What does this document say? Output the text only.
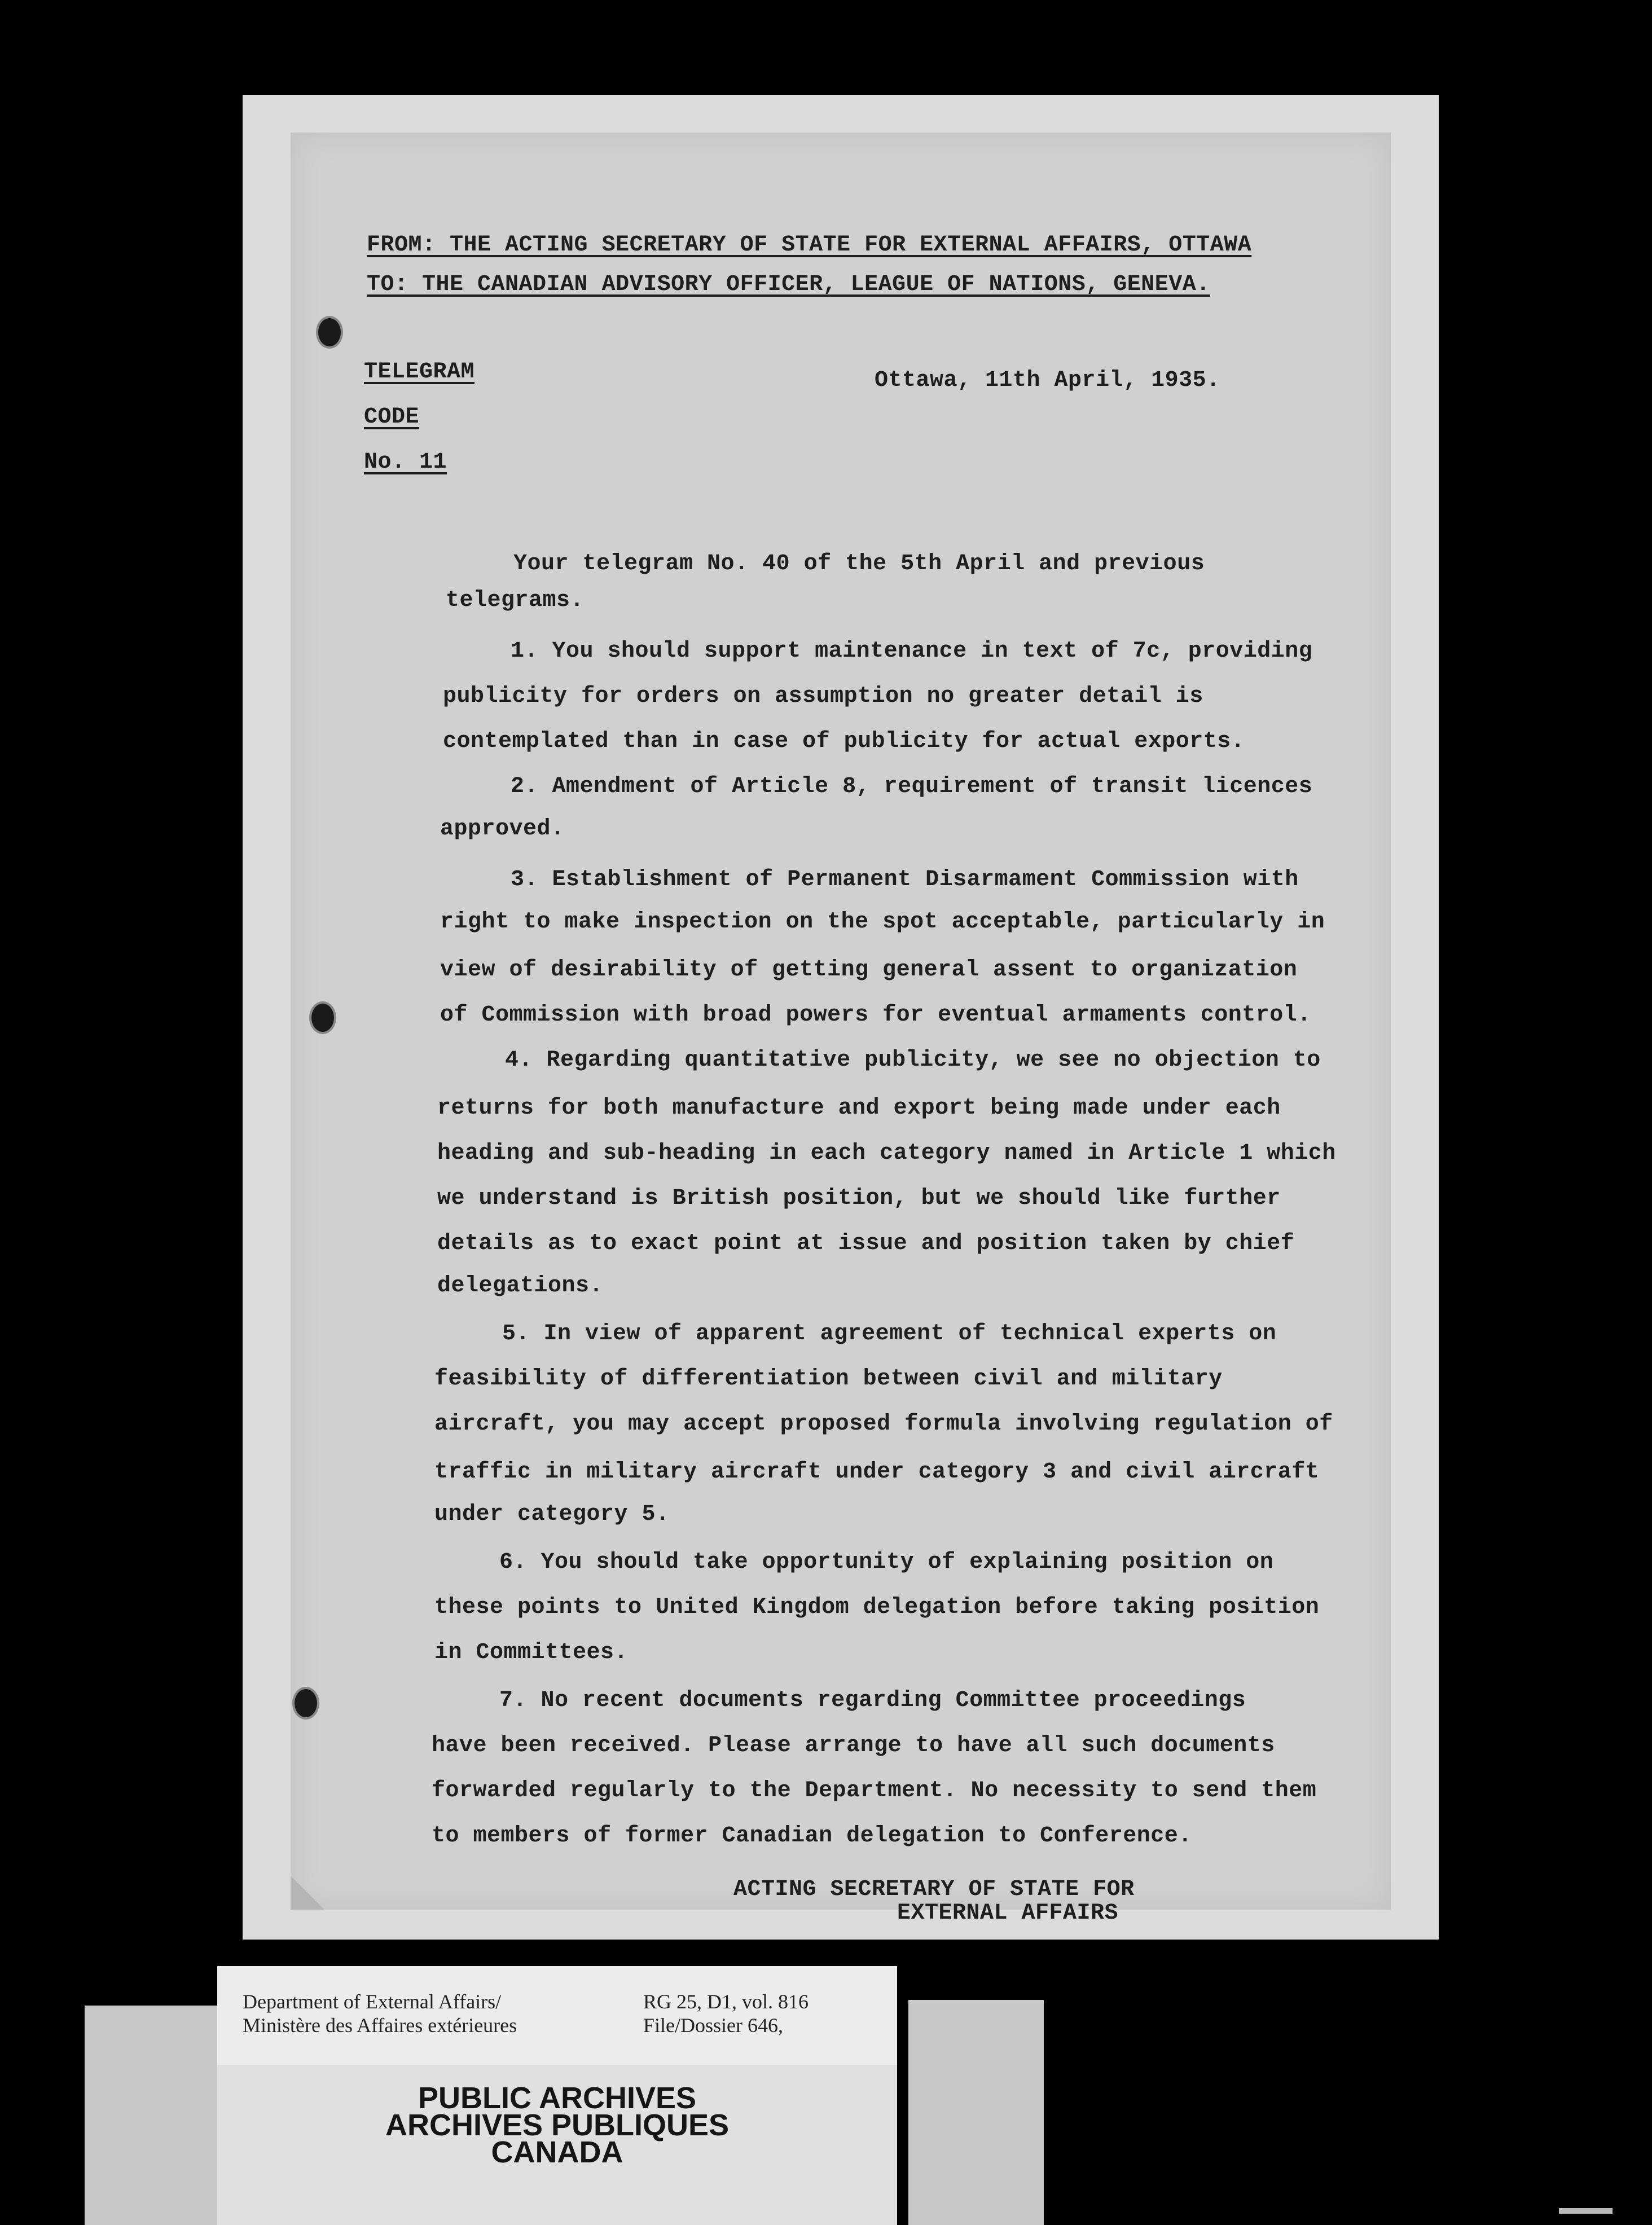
FROM: THE ACTING SECRETARY OF STATE FOR EXTERNAL AFFAIRS, OTTAWA
TO: THE CANADIAN ADVISORY OFFICER, LEAGUE OF NATIONS, GENEVA.
TELEGRAM	Ottawa, 11th April, 1935.
CODE
No. 11
Your telegram No. 40 of the 5th April and previous
telegrams.
1. You should support maintenance in text of 7c, providing
publicity for orders on assumption no greater detail is
contemplated than in case of publicity for actual exports.
2. Amendment of Article 8, requirement of transit licences
approved.
3. Establishment of Permanent Disarmament Commission with
right to make inspection on the spot acceptable, particularly in
view of desirability of getting general assent to organization
of Commission with broad powers for eventual armaments control.
4. Regarding quantitative publicity, we see no objection to
returns for both manufacture and export being made under each
heading and sub-heading in each category named in Article 1 which
we understand is British position, but we should like further
details as to exact point at issue and position taken by chief
delegations.
5. In view of apparent agreement of technical experts on
feasibility of differentiation between civil and military
aircraft, you may accept proposed formula involving regulation of
traffic in military aircraft under category 3 and civil aircraft
under category 5.
6. You should take opportunity of explaining position on
these points to United Kingdom delegation before taking position
in Committees.
7. No recent documents regarding Committee proceedings
have been received. Please arrange to have all such documents
forwarded regularly to the Department. No necessity to send them
to members of former Canadian delegation to Conference.
ACTING SECRETARY OF STATE FOR
EXTERNAL AFFAIRS
Department of External Affairs/
Ministère des Affaires extérieures
RG 25, D1, vol. 816
File/Dossier 646,
PUBLIC ARCHIVES
ARCHIVES PUBLIQUES
CANADA
